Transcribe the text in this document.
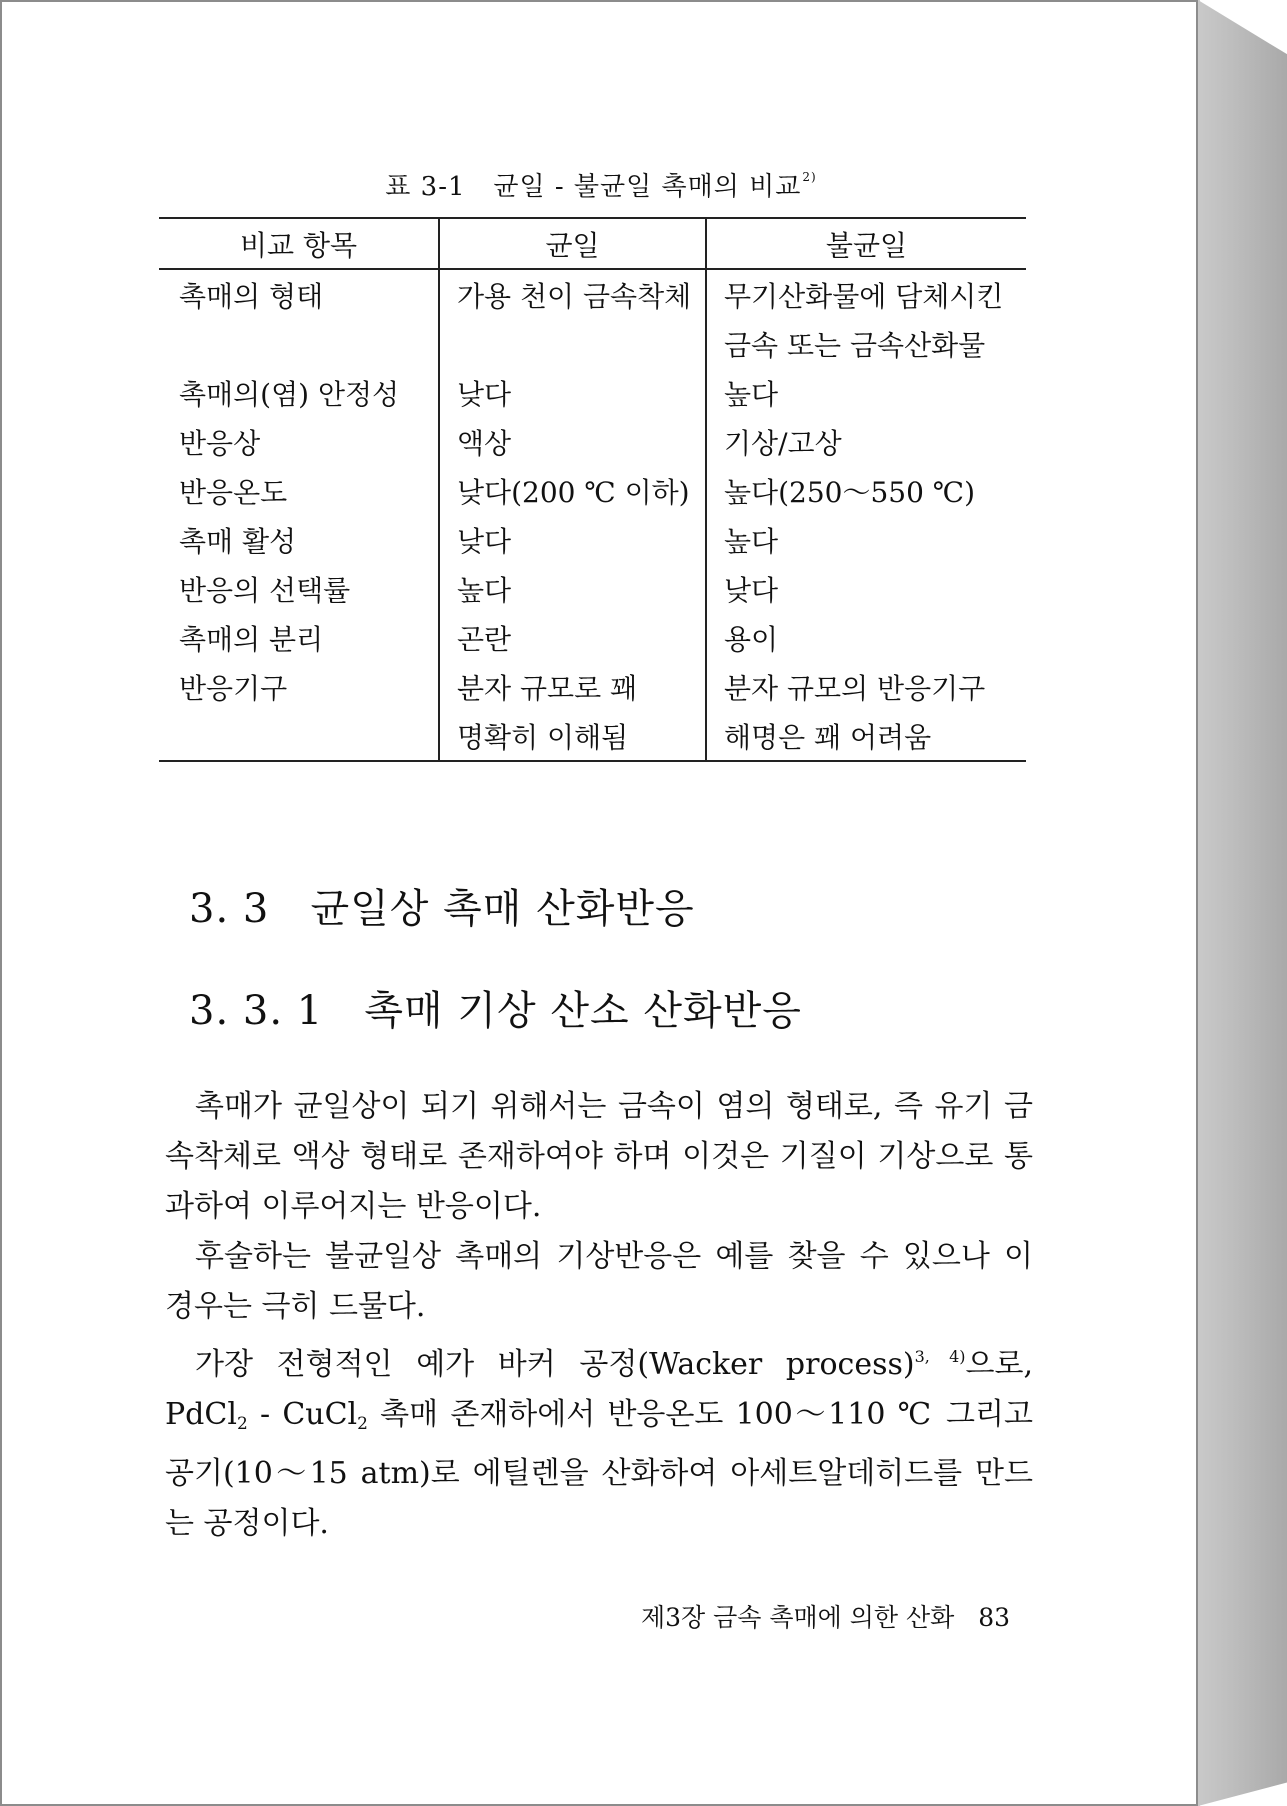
표 3-1 균일 - 불균일 촉매의 비교$^{2)}$
비교 항목	균일	불균일
촉매의 형태	가용 천이 금속착체	무기산화물에 담체시킨
		금속 또는 금속산화물
촉매의(염) 안정성	낮다	높다
반응상	액상	기상/고상
반응온도	낮다(200 ℃ 이하)	높다(250～550 ℃)
촉매 활성	낮다	높다
반응의 선택률	높다	낮다
촉매의 분리	곤란	용이
반응기구	분자 규모로 꽤	분자 규모의 반응기구
	명확히 이해됨	해명은 꽤 어려움
3. 3 균일상 촉매 산화반응
3. 3. 1 촉매 기상 산소 산화반응

촉매가 균일상이 되기 위해서는 금속이 염의 형태로, 즉 유기 금속착체로 액상 형태로 존재하여야 하며 이것은 기질이 기상으로 통과하여 이루어지는 반응이다.

후술하는 불균일상 촉매의 기상반응은 예를 찾을 수 있으나 이 경우는 극히 드물다.

가장 전형적인 예가 바커 공정(Wacker process)$^{3, 4)}$으로, PdCl$_2$ - CuCl$_2$ 촉매 존재하에서 반응온도 100～110 ℃ 그리고 공기(10～15 atm)로 에틸렌을 산화하여 아세트알데히드를 만드는 공정이다.

제3장 금속 촉매에 의한 산화 83
